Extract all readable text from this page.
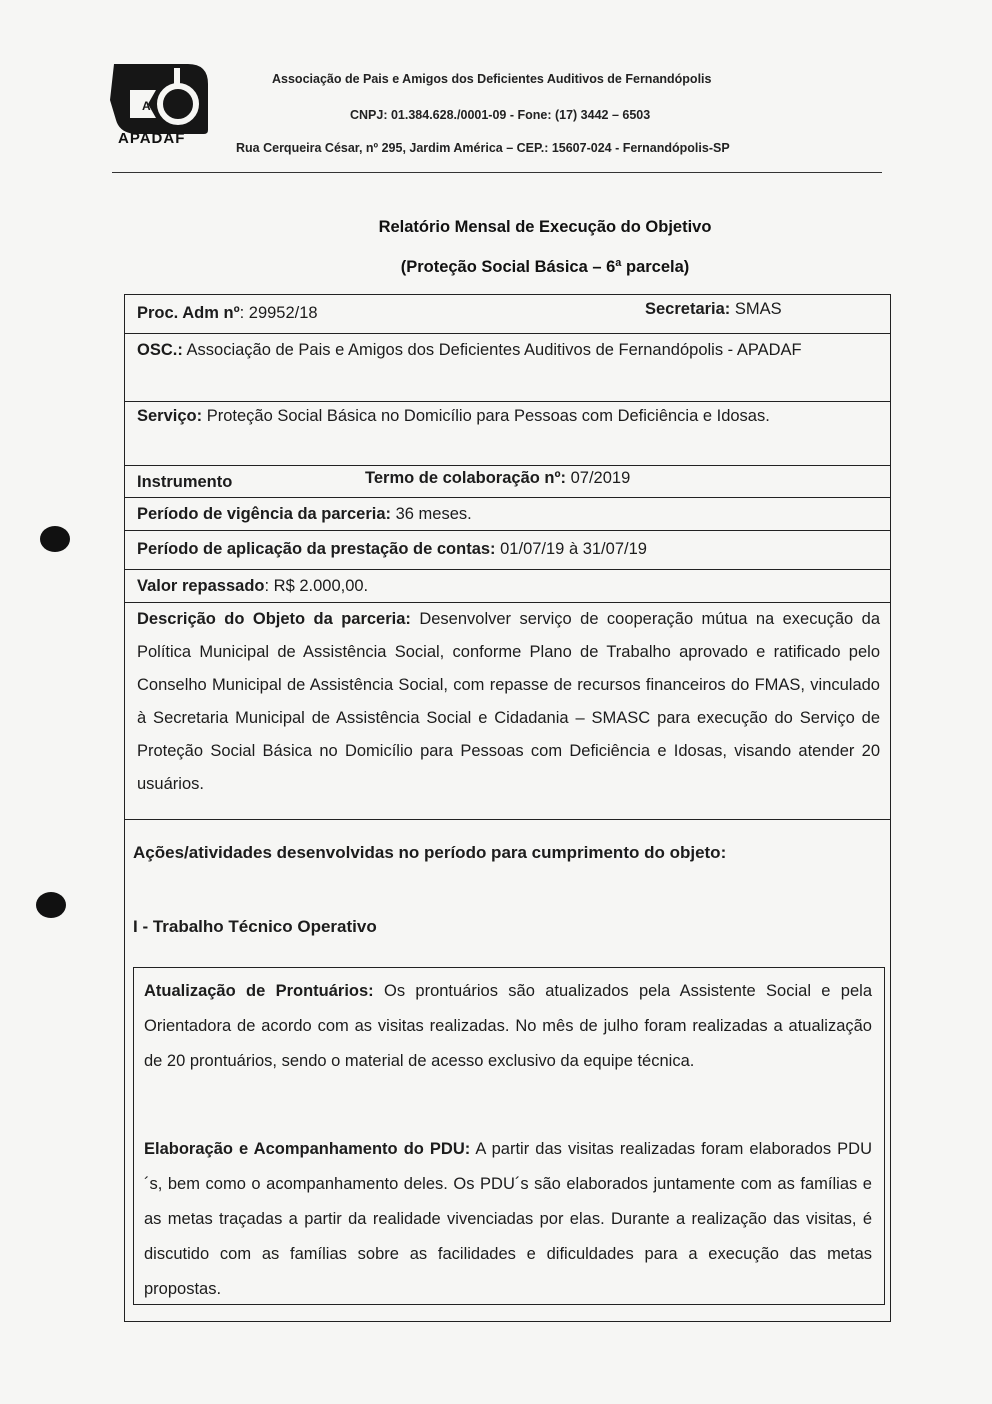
A
APADAF
Associação de Pais e Amigos dos Deficientes Auditivos de Fernandópolis
CNPJ: 01.384.628./0001-09 - Fone: (17) 3442 – 6503
Rua Cerqueira César, nº 295, Jardim América – CEP.: 15607-024 - Fernandópolis-SP
Relatório Mensal de Execução do Objetivo
(Proteção Social Básica – 6ª parcela)
Proc. Adm nº: 29952/18	Secretaria: SMAS
OSC.: Associação de Pais e Amigos dos Deficientes Auditivos de Fernandópolis - APADAF
Serviço: Proteção Social Básica no Domicílio para Pessoas com Deficiência e Idosas.
Instrumento	Termo de colaboração nº: 07/2019
Período de vigência da parceria: 36 meses.
Período de aplicação da prestação de contas: 01/07/19 à 31/07/19
Valor repassado: R$ 2.000,00.
Descrição do Objeto da parceria: Desenvolver serviço de cooperação mútua na execução da Política Municipal de Assistência Social, conforme Plano de Trabalho aprovado e ratificado pelo Conselho Municipal de Assistência Social, com repasse de recursos financeiros do FMAS, vinculado à Secretaria Municipal de Assistência Social e Cidadania – SMASC para execução do Serviço de Proteção Social Básica no Domicílio para Pessoas com Deficiência e Idosas, visando atender 20 usuários.
Ações/atividades desenvolvidas no período para cumprimento do objeto:
I - Trabalho Técnico Operativo
Atualização de Prontuários: Os prontuários são atualizados pela Assistente Social e pela Orientadora de acordo com as visitas realizadas. No mês de julho foram realizadas a atualização de 20 prontuários, sendo o material de acesso exclusivo da equipe técnica.
Elaboração e Acompanhamento do PDU: A partir das visitas realizadas foram elaborados PDU´s, bem como o acompanhamento deles. Os PDU´s são elaborados juntamente com as famílias e as metas traçadas a partir da realidade vivenciadas por elas. Durante a realização das visitas, é discutido com as famílias sobre as facilidades e dificuldades para a execução das metas propostas.
